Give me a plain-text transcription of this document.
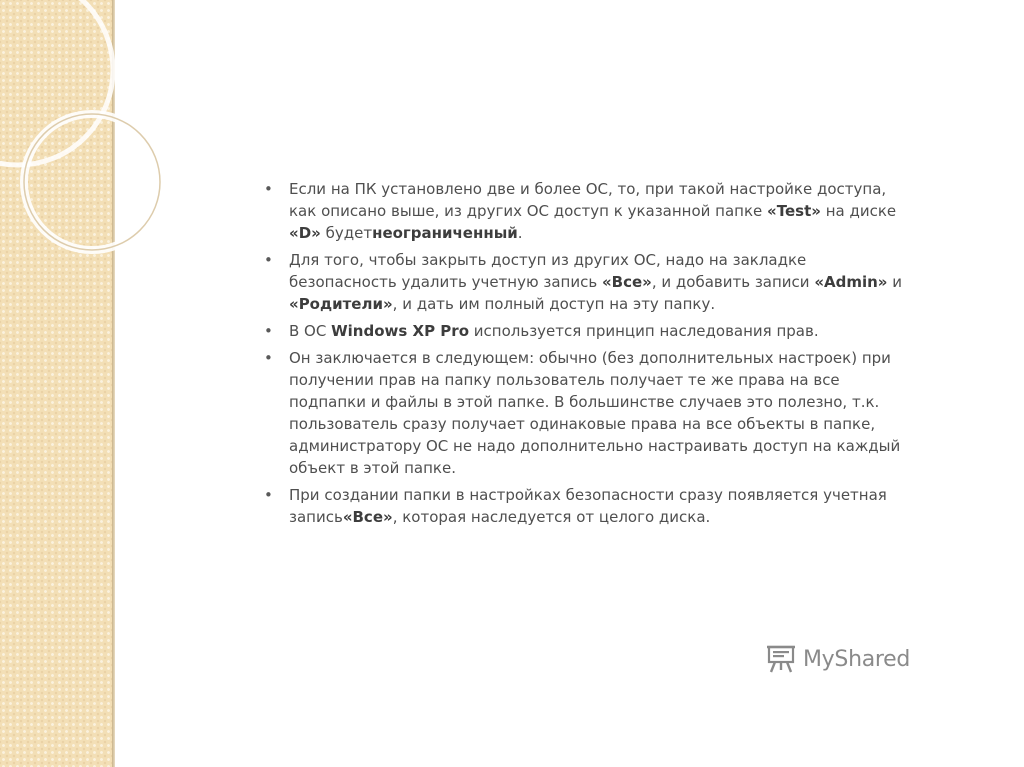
• Если на ПК установлено две и более ОС, то, при такой настройке доступа, как описано выше, из других ОС доступ к указанной папке «Test» на диске «D» будетнеограниченный.
• Для того, чтобы закрыть доступ из других ОС, надо на закладке безопасность удалить учетную запись «Все», и добавить записи «Admin» и «Родители», и дать им полный доступ на эту папку.
• В ОС Windows XP Pro используется принцип наследования прав.
• Он заключается в следующем: обычно (без дополнительных настроек) при получении прав на папку пользователь получает те же права на все подпапки и файлы в этой папке. В большинстве случаев это полезно, т.к. пользователь сразу получает одинаковые права на все объекты в папке, администратору ОС не надо дополнительно настраивать доступ на каждый объект в этой папке.
• При создании папки в настройках безопасности сразу появляется учетная запись«Все», которая наследуется от целого диска.
MyShared
